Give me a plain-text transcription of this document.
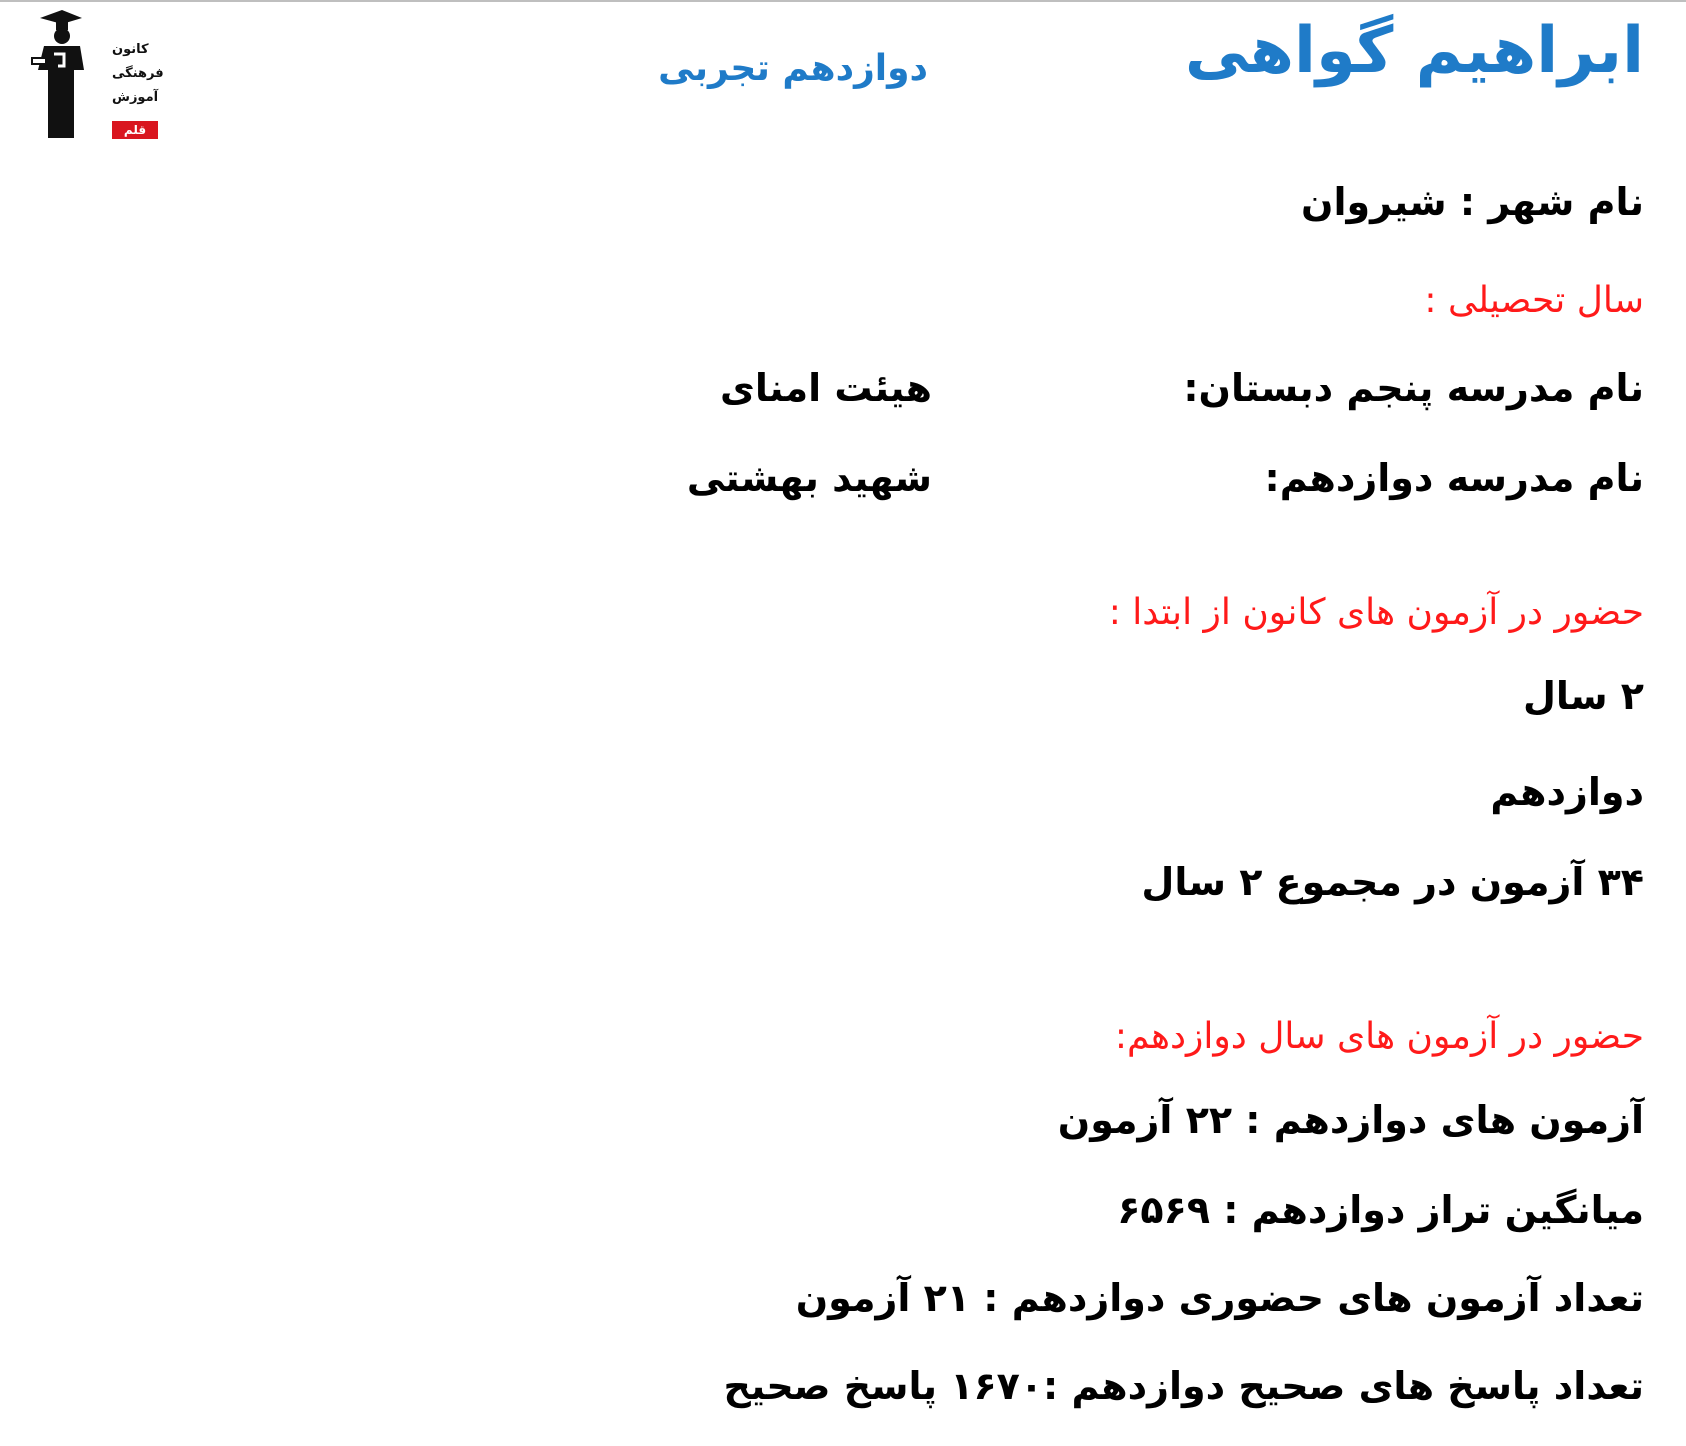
کانون
فرهنگی
آموزش
قلم چی
ابراهیم گواهی
دوازدهم تجربی
نام شهر : شیروان
سال تحصیلی :
نام مدرسه پنجم دبستان:
هیئت امنای
نام مدرسه دوازدهم:
شهید بهشتی
حضور در آزمون های کانون از ابتدا :
۲ سال
دوازدهم
۳۴ آزمون در مجموع ۲ سال
حضور در آزمون های سال دوازدهم:
آزمون های دوازدهم : ۲۲ آزمون
میانگین تراز دوازدهم : ۶۵۶۹
تعداد آزمون های حضوری دوازدهم : ۲۱ آزمون
تعداد پاسخ های صحیح دوازدهم :۱۶۷۰ پاسخ صحیح
